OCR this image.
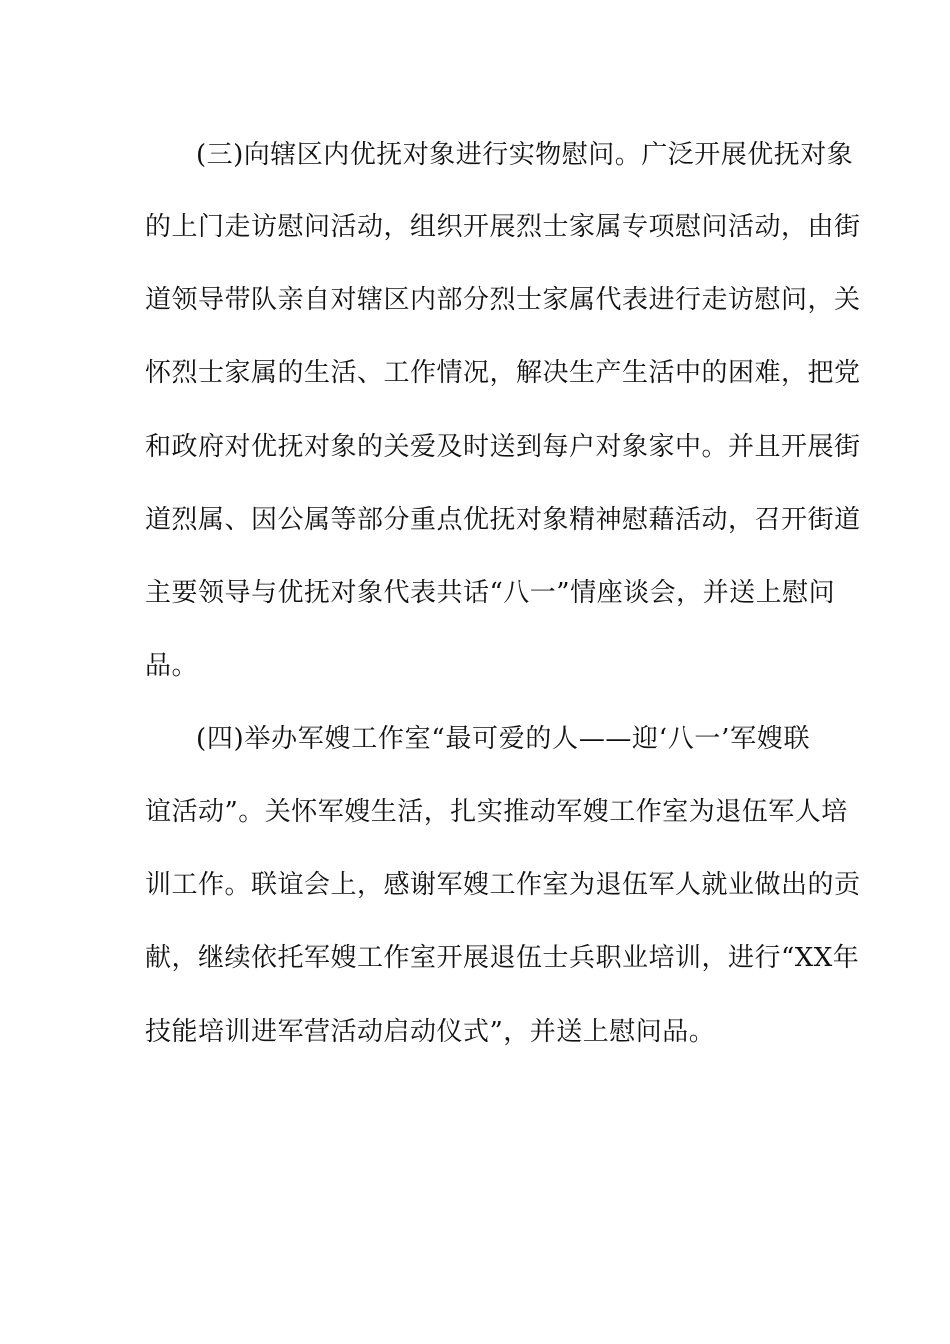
(三)向辖区内优抚对象进行实物慰问。广泛开展优抚对象

的上门走访慰问活动，组织开展烈士家属专项慰问活动，由街

道领导带队亲自对辖区内部分烈士家属代表进行走访慰问，关

怀烈士家属的生活、工作情况，解决生产生活中的困难，把党

和政府对优抚对象的关爱及时送到每户对象家中。并且开展街

道烈属、因公属等部分重点优抚对象精神慰藉活动，召开街道

主要领导与优抚对象代表共话“八一”情座谈会，并送上慰问

品。

(四)举办军嫂工作室“最可爱的人——迎‘八一’军嫂联

谊活动”。关怀军嫂生活，扎实推动军嫂工作室为退伍军人培

训工作。联谊会上，感谢军嫂工作室为退伍军人就业做出的贡

献，继续依托军嫂工作室开展退伍士兵职业培训，进行“XX年

技能培训进军营活动启动仪式”，并送上慰问品。
